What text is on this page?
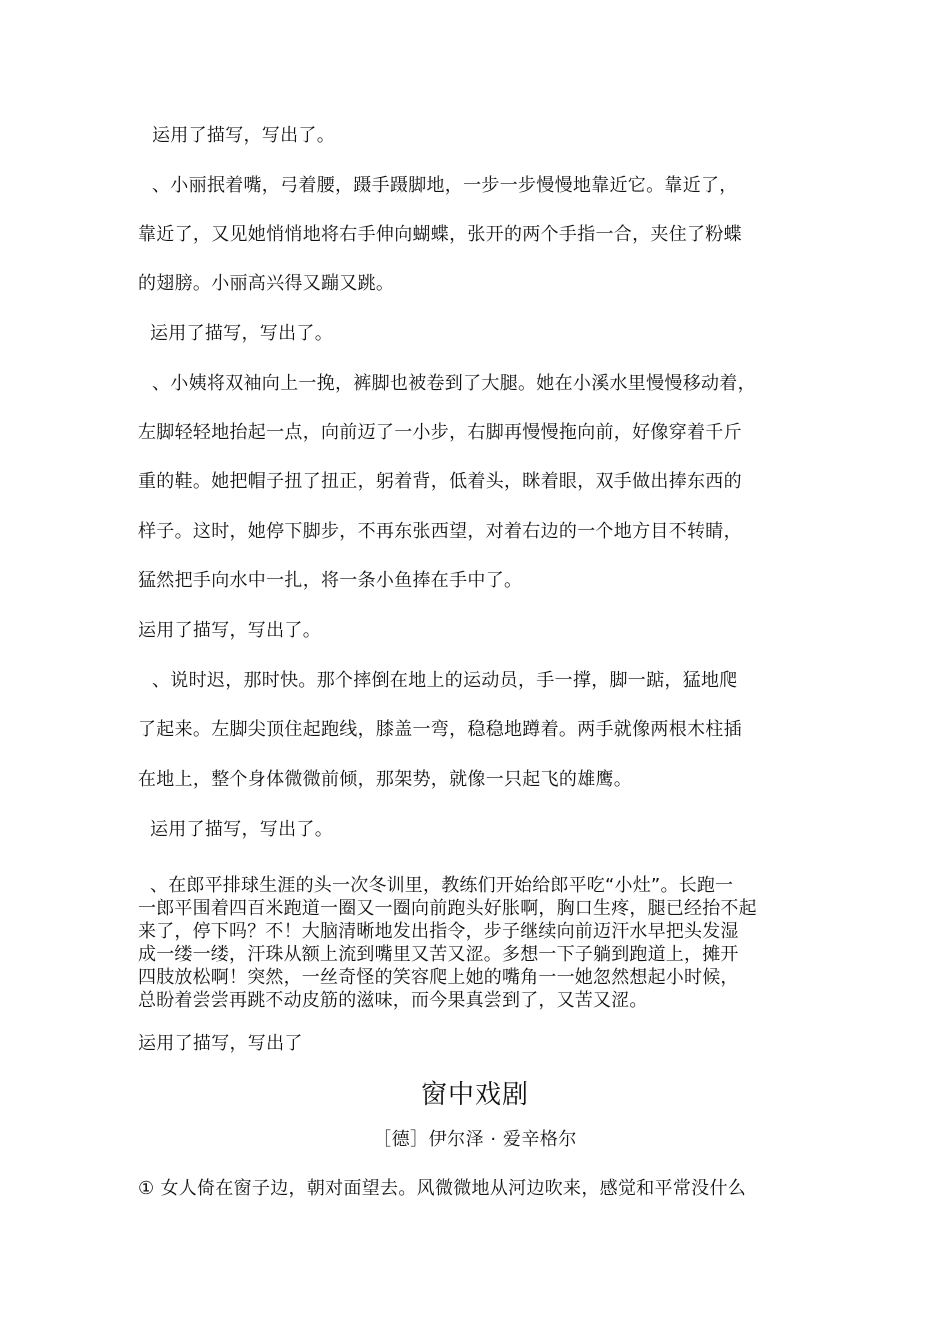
运用了描写，写出了。
、小丽抿着嘴，弓着腰，蹑手蹑脚地，一步一步慢慢地靠近它。靠近了，
靠近了，又见她悄悄地将右手伸向蝴蝶，张开的两个手指一合，夹住了粉蝶
的翅膀。小丽高兴得又蹦又跳。
运用了描写，写出了。
、小姨将双袖向上一挽，裤脚也被卷到了大腿。她在小溪水里慢慢移动着，
左脚轻轻地抬起一点，向前迈了一小步，右脚再慢慢拖向前，好像穿着千斤
重的鞋。她把帽子扭了扭正，躬着背，低着头，眯着眼，双手做出捧东西的
样子。这时，她停下脚步，不再东张西望，对着右边的一个地方目不转睛，
猛然把手向水中一扎，将一条小鱼捧在手中了。
运用了描写，写出了。
、说时迟，那时快。那个摔倒在地上的运动员，手一撑，脚一踮，猛地爬
了起来。左脚尖顶住起跑线，膝盖一弯，稳稳地蹲着。两手就像两根木柱插
在地上，整个身体微微前倾，那架势，就像一只起飞的雄鹰。
运用了描写，写出了。
、在郎平排球生涯的头一次冬训里，教练们开始给郎平吃“小灶”。长跑一
一郎平围着四百米跑道一圈又一圈向前跑头好胀啊，胸口生疼，腿已经抬不起
来了，停下吗？不！大脑清晰地发出指令，步子继续向前迈汗水早把头发湿
成一缕一缕，汗珠从额上流到嘴里又苦又涩。多想一下子躺到跑道上，摊开
四肢放松啊！突然，一丝奇怪的笑容爬上她的嘴角一一她忽然想起小时候，
总盼着尝尝再跳不动皮筋的滋味，而今果真尝到了，又苦又涩。
运用了描写，写出了
窗中戏剧
［德］伊尔泽 · 爱辛格尔
① 女人倚在窗子边，朝对面望去。风微微地从河边吹来，感觉和平常没什么
